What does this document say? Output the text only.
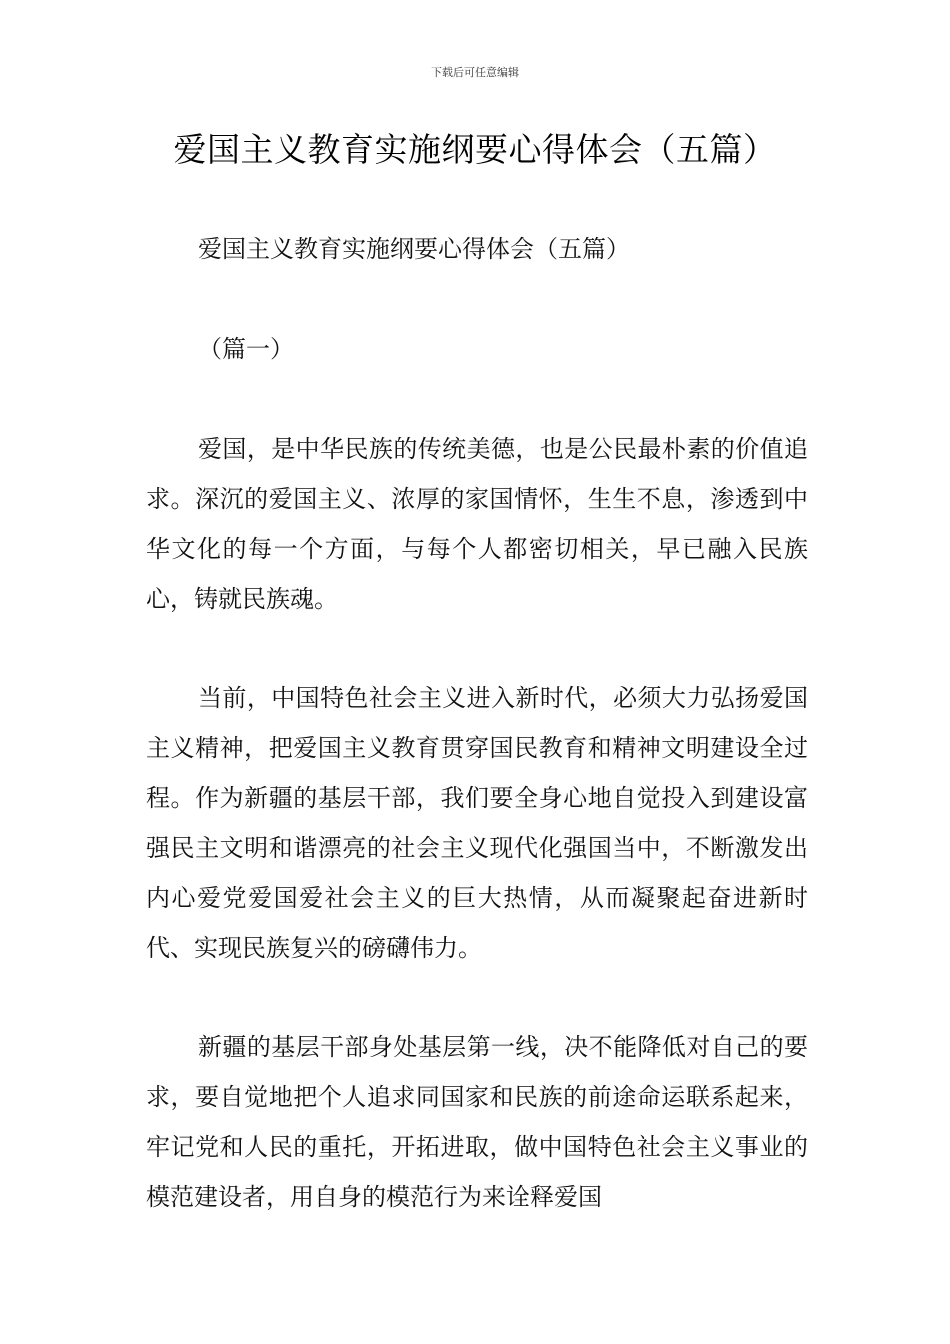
下载后可任意编辑
爱国主义教育实施纲要心得体会（五篇）
爱国主义教育实施纲要心得体会（五篇）
（篇一）

爱国，是中华民族的传统美德，也是公民最朴素的价值追求。深沉的爱国主义、浓厚的家国情怀，生生不息，渗透到中华文化的每一个方面，与每个人都密切相关，早已融入民族心，铸就民族魂。

当前，中国特色社会主义进入新时代，必须大力弘扬爱国主义精神，把爱国主义教育贯穿国民教育和精神文明建设全过程。作为新疆的基层干部，我们要全身心地自觉投入到建设富强民主文明和谐漂亮的社会主义现代化强国当中，不断激发出内心爱党爱国爱社会主义的巨大热情，从而凝聚起奋进新时代、实现民族复兴的磅礴伟力。

新疆的基层干部身处基层第一线，决不能降低对自己的要求，要自觉地把个人追求同国家和民族的前途命运联系起来，牢记党和人民的重托，开拓进取，做中国特色社会主义事业的模范建设者，用自身的模范行为来诠释爱国
